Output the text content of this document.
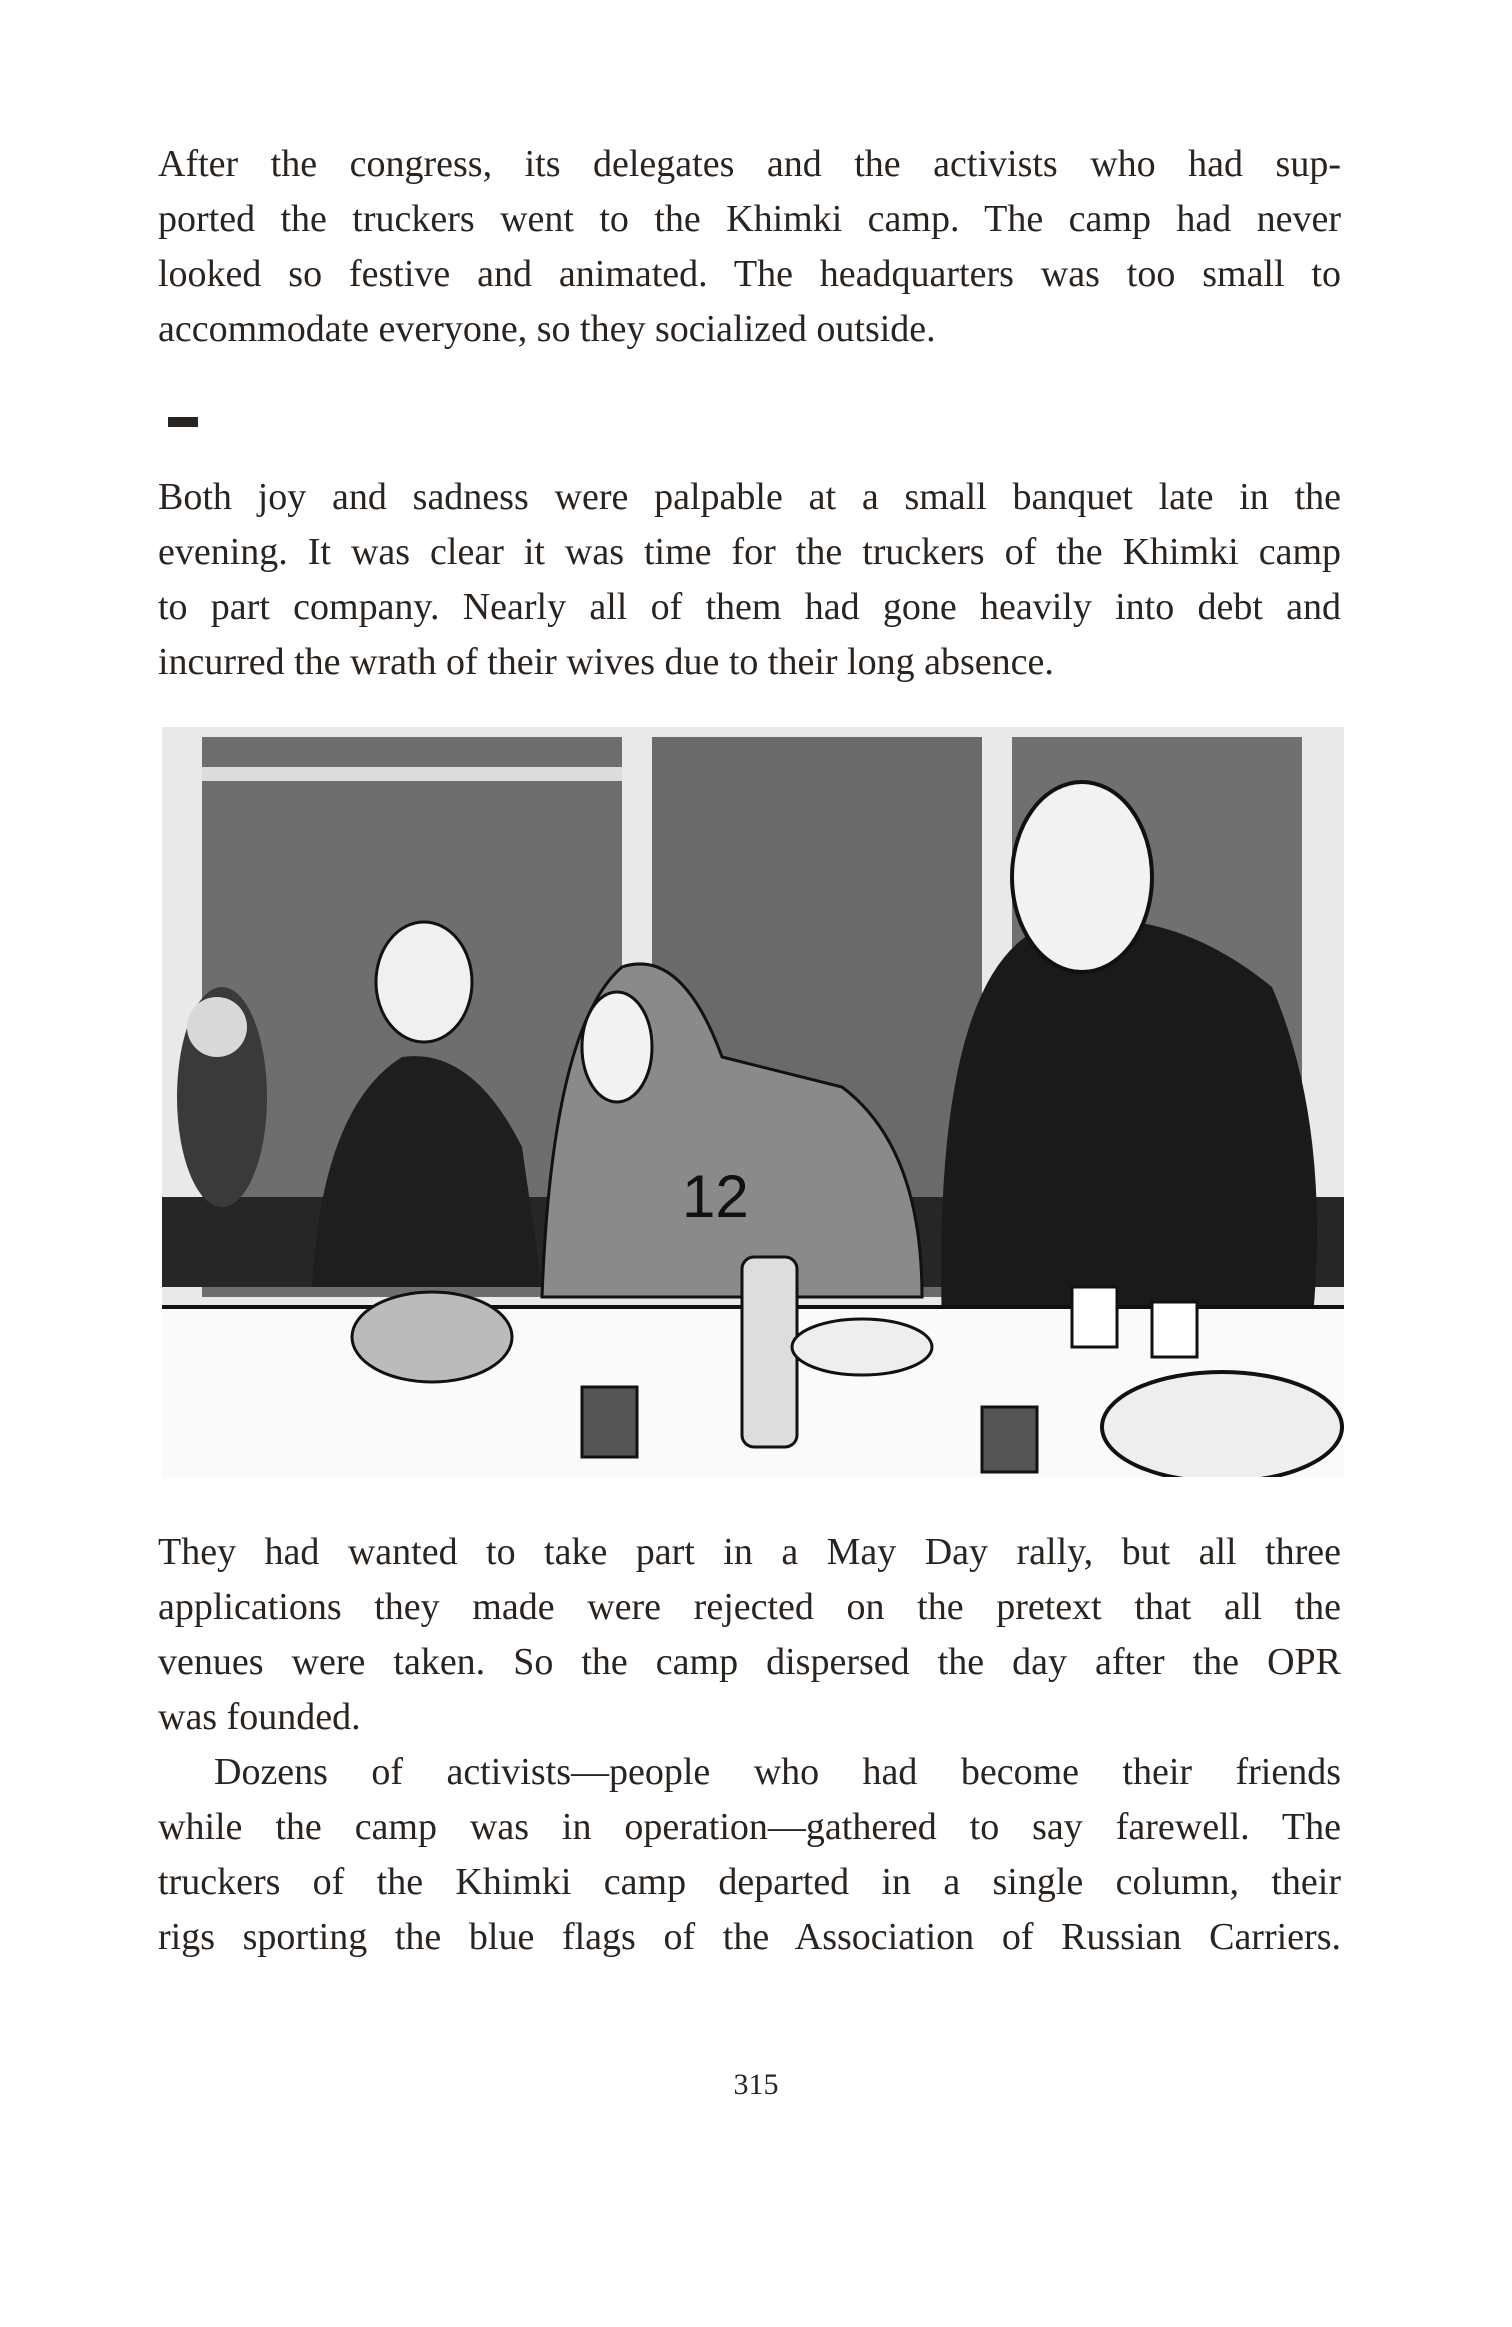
After the congress, its delegates and the activists who had sup-
ported the truckers went to the Khimki camp. The camp had never
looked so festive and animated. The headquarters was too small to
accommodate everyone, so they socialized outside.
Both joy and sadness were palpable at a small banquet late in the
evening. It was clear it was time for the truckers of the Khimki camp
to part company. Nearly all of them had gone heavily into debt and
incurred the wrath of their wives due to their long absence.
12
They had wanted to take part in a May Day rally, but all three
applications they made were rejected on the pretext that all the
venues were taken. So the camp dispersed the day after the OPR
was founded.
Dozens of activists—people who had become their friends
while the camp was in operation—gathered to say farewell. The
truckers of the Khimki camp departed in a single column, their
rigs sporting the blue flags of the Association of Russian Carriers.
315
